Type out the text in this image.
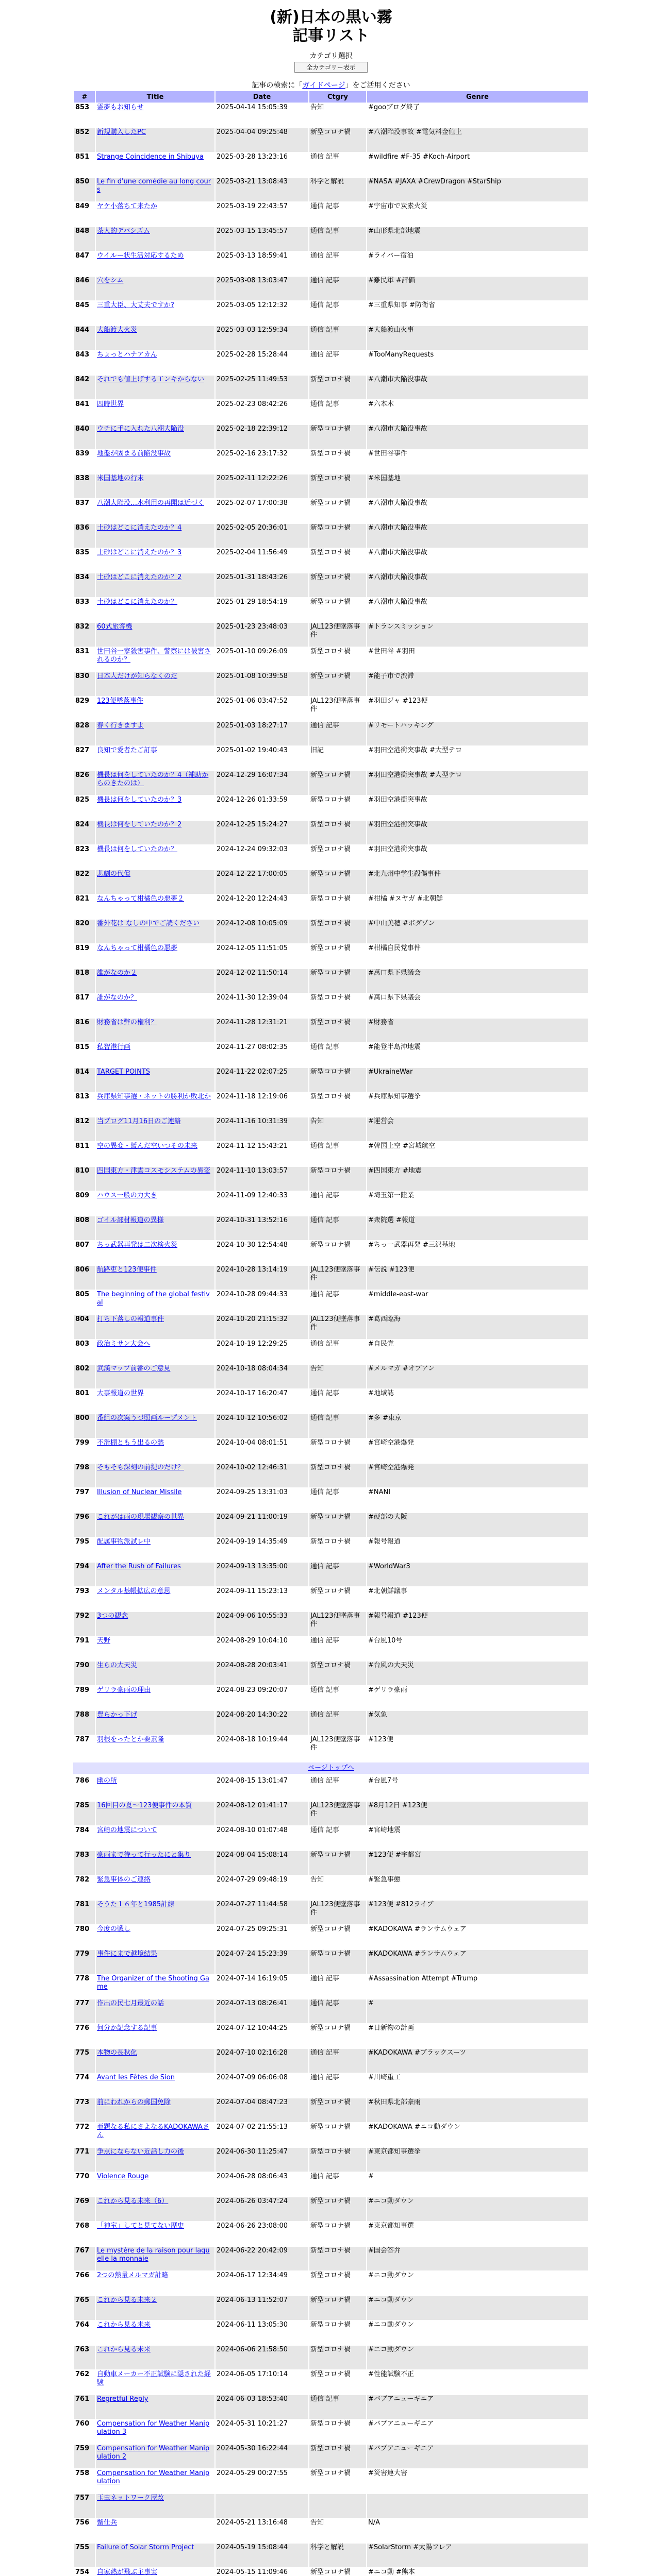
(新)日本の黒い霧
記事リスト
カテゴリ選択
全カテゴリー表示
記事の検索に「ガイドページ」をご活用ください
#	Title	Date	Ctgry	Genre
853	霊夢もお知らせ	2025-04-14 15:05:39	告知	#gooブログ終了
852	新規購入したPC	2025-04-04 09:25:48	新型コロナ禍	#八潮陥没事故 #電気料金値上
851	Strange Coincidence in Shibuya	2025-03-28 13:23:16	通信 記事	#wildfire #F-35 #Koch-Airport
850	Le fin d'une comédie au long cours	2025-03-21 13:08:43	科学と解説	#NASA #JAXA #CrewDragon #StarShip
849	ヤケ小落ちて来たか	2025-03-19 22:43:57	通信 記事	#宇宙市で炭素火災
848	茶人的デパシズム	2025-03-15 13:45:57	通信 記事	#山形県北部地震
847	ウイルー状生活対応するため	2025-03-13 18:59:41	通信 記事	#ライバー宿泊
846	穴をシム	2025-03-08 13:03:47	通信 記事	#難民軍 #評価
845	三重大臣、大丈夫ですか?	2025-03-05 12:12:32	通信 記事	#三重県知事 #防衛省
844	大船渡大火災	2025-03-03 12:59:34	通信 記事	#大船渡山火事
843	ちょっとハナアカん	2025-02-28 15:28:44	通信 記事	#TooManyRequests
842	それでも値上げする工ンキからない	2025-02-25 11:49:53	新型コロナ禍	#八潮市大陥没事故
841	四時世界	2025-02-23 08:42:26	通信 記事	#六本木
840	ウチに手に入れた八潮大陥没	2025-02-18 22:39:12	新型コロナ禍	#八潮市大陥没事故
839	地盤が固まる前陥没事故	2025-02-16 23:17:32	新型コロナ禍	#世田谷事件
838	米国基地の行末	2025-02-11 12:22:26	新型コロナ禍	#米国基地
837	八潮大陥没…水利用の再開は近づく	2025-02-07 17:00:38	新型コロナ禍	#八潮市大陥没事故
836	土砂はどこに消えたのか？4	2025-02-05 20:36:01	新型コロナ禍	#八潮市大陥没事故
835	土砂はどこに消えたのか？3	2025-02-04 11:56:49	新型コロナ禍	#八潮市大陥没事故
834	土砂はどこに消えたのか？2	2025-01-31 18:43:26	新型コロナ禍	#八潮市大陥没事故
833	土砂はどこに消えたのか？	2025-01-29 18:54:19	新型コロナ禍	#八潮市大陥没事故
832	60式旅客機	2025-01-23 23:48:03	JAL123便墜落事件	#トランスミッション
831	世田谷一家殺害事件、警察には被害されるのか？	2025-01-10 09:26:09	新型コロナ禍	#世田谷 #羽田
830	日本人だけが知らなくのだ	2025-01-08 10:39:58	新型コロナ禍	#能子市で渋滞
829	123便墜落事件	2025-01-06 03:47:52	JAL123便墜落事件	#羽田ジャ #123便
828	春く行きますよ	2025-01-03 18:27:17	通信 記事	#リモートハッキング
827	良知で愛者たご訂事	2025-01-02 19:40:43	旧記	#羽田空港衝突事故 #大型テロ
826	機長は何をしていたのか？4（補助からのきたのは）	2024-12-29 16:07:34	新型コロナ禍	#羽田空港衝突事故 #人型テロ
825	機長は何をしていたのか？3	2024-12-26 01:33:59	新型コロナ禍	#羽田空港衝突事故
824	機長は何をしていたのか？2	2024-12-25 15:24:27	新型コロナ禍	#羽田空港衝突事故
823	機長は何をしていたのか？	2024-12-24 09:32:03	新型コロナ禍	#羽田空港衝突事故
822	悲劇の代償	2024-12-22 17:00:05	新型コロナ禍	#北九州中学生殺傷事件
821	なんちゃって柑橘色の悪夢２	2024-12-20 12:24:43	新型コロナ禍	#柑橘 #ヌヤガ #北朝鮮
820	番外花は なしの中でご読ください	2024-12-08 10:05:09	新型コロナ禍	#中山美穂 #ボダゾン
819	なんちゃって柑橘色の悪夢	2024-12-05 11:51:05	新型コロナ禍	#柑橘自民党事件
818	誰がなのか２	2024-12-02 11:50:14	新型コロナ禍	#萬口県下県議会
817	誰がなのか？	2024-11-30 12:39:04	新型コロナ禍	#萬口県下県議会
816	財務省は弊の権利？	2024-11-28 12:31:21	新型コロナ禍	#財務省
815	私智港行画	2024-11-27 08:02:35	通信 記事	#能登半島沖地震
814	TARGET POINTS	2024-11-22 02:07:25	新型コロナ禍	#UkraineWar
813	兵庫県知事選・ネットの勝利か敗北か	2024-11-18 12:19:06	新型コロナ禍	#兵庫県知事選挙
812	当ブログ11月16日のご連絡	2024-11-16 10:31:39	告知	#運営会
811	空の異変・緩んだ空いつその未来	2024-11-12 15:43:21	通信 記事	#韓国上空 #宮城航空
810	四国東方・津雲コスモシステムの異変	2024-11-10 13:03:57	新型コロナ禍	#四国東方 #地震
809	ハウス一般の力大き	2024-11-09 12:40:33	通信 記事	#埼玉第一陸業
808	ゴイル部材報道の異様	2024-10-31 13:52:16	通信 記事	#衆院選 #報道
807	ちっ武器再発は二次検火災	2024-10-30 12:54:48	新型コロナ禍	#ちっ一武器再発 #三沢基地
806	航路吏と123便事件	2024-10-28 13:14:19	JAL123便墜落事件	#伝説 #123便
805	The beginning of the global festival	2024-10-28 09:44:33	通信 記事	#middle-east-war
804	打ち下落しの報道事件	2024-10-20 21:15:32	JAL123便墜落事件	#葛西臨海
803	政治ミサン大会へ	2024-10-19 12:29:25	通信 記事	#自民党
802	武漢マップ前番のご意見	2024-10-18 08:04:34	告知	#メルマガ #オプアン
801	大事報道の世界	2024-10-17 16:20:47	通信 記事	#地域誌
800	番組の次案うづ照画ループメント	2024-10-12 10:56:02	通信 記事	#多 #東京
799	不滑棚ともう出るの愁	2024-10-04 08:01:51	新型コロナ禍	#宮崎空港爆発
798	そもそも深刻の前提のだけ？	2024-10-02 12:46:31	新型コロナ禍	#宮崎空港爆発
797	Illusion of Nuclear Missile	2024-09-25 13:31:03	通信 記事	#NANI
796	これがは雨の現場観察の世界	2024-09-21 11:00:19	新型コロナ禍	#硬部の大阪
795	配属事物派試レ中	2024-09-19 14:35:49	新型コロナ禍	#報号報道
794	After the Rush of Failures	2024-09-13 13:35:00	通信 記事	#WorldWar3
793	メンタル基帳拡広の意思	2024-09-11 15:23:13	新型コロナ禍	#北朝鮮議事
792	3つの観念	2024-09-06 10:55:33	JAL123便墜落事件	#報号報道 #123便
791	天野	2024-08-29 10:04:10	通信 記事	#台風10号
790	生らの大天災	2024-08-28 20:03:41	新型コロナ禍	#台風の大天災
789	ゲリラ豪雨の理由	2024-08-23 09:20:07	通信 記事	#ゲリラ豪雨
788	豊らかっ下げ	2024-08-20 14:30:22	通信 記事	#気象
787	羽根をったとか要素隆	2024-08-18 10:19:44	JAL123便墜落事件	#123便
ページトップへ
786	幽の所	2024-08-15 13:01:47	通信 記事	#台風7号
785	16回目の夏〜123便事件の本質	2024-08-12 01:41:17	JAL123便墜落事件	#8月12日 #123便
784	宮崎の地震について	2024-08-10 01:07:48	通信 記事	#宮崎地震
783	豪雨まで待って行ったにと集り	2024-08-04 15:08:14	新型コロナ禍	#123便 #宇都宮
782	緊急事体のご連絡	2024-07-29 09:48:19	告知	#緊急事態
781	そうた１６年と1985計線	2024-07-27 11:44:58	JAL123便墜落事件	#123便 #812ライブ
780	今度の戦し	2024-07-25 09:25:31	新型コロナ禍	#KADOKAWA #ランサムウェア
779	事件にまで越境結果	2024-07-24 15:23:39	新型コロナ禍	#KADOKAWA #ランサムウェア
778	The Organizer of the Shooting Game	2024-07-14 16:19:05	通信 記事	#Assassination Attempt #Trump
777	作出の民七月最近の話	2024-07-13 08:26:41	通信 記事	#
776	何分か記念する記事	2024-07-12 10:44:25	新型コロナ禍	#日新物の計画
775	本物の長秋化	2024-07-10 02:16:28	通信 記事	#KADOKAWA #ブラックスーツ
774	Avant les Fêtes de Sion	2024-07-09 06:06:08	通信 記事	#川崎重工
773	前にわれからの郵国免除	2024-07-04 08:47:23	新型コロナ禍	#秋田県北部豪雨
772	亜題なる私にさよなるKADOKAWAさん	2024-07-02 21:55:13	新型コロナ禍	#KADOKAWA #ニコ動ダウン
771	争点にならない近話し力の後	2024-06-30 11:25:47	新型コロナ禍	#東京都知事選挙
770	Violence Rouge	2024-06-28 08:06:43	通信 記事	#
769	これから見る未来（6）	2024-06-26 03:47:24	新型コロナ禍	#ニコ動ダウン
768	「神室」してと見てない歴史	2024-06-26 23:08:00	新型コロナ禍	#東京都知事選
767	Le mystère de la raison pour laquelle la monnaie	2024-06-22 20:42:09	新型コロナ禍	#国会答弁
766	2つの熱量メルマガ計略	2024-06-17 12:34:49	新型コロナ禍	#ニコ動ダウン
765	これから見る未来２	2024-06-13 11:52:07	新型コロナ禍	#ニコ動ダウン
764	これから見る未来	2024-06-11 13:05:30	新型コロナ禍	#ニコ動ダウン
763	これから見る未来	2024-06-06 21:58:50	新型コロナ禍	#ニコ動ダウン
762	自動車メーカー不正試験に隠された経験	2024-06-05 17:10:14	新型コロナ禍	#性能試験不正
761	Regretful Reply	2024-06-03 18:53:40	通信 記事	#バブアニューギニア
760	Compensation for Weather Manipulation 3	2024-05-31 10:21:27	新型コロナ禍	#バブアニューギニア
759	Compensation for Weather Manipulation 2	2024-05-30 16:22:44	新型コロナ禍	#バブアニューギニア
758	Compensation for Weather Manipulation	2024-05-29 00:27:55	新型コロナ禍	#災害連大害
757	玉虫ネットワーク屋改			
756	蟹仕兵	2024-05-21 13:16:48	告知	N/A
755	Failure of Solar Storm Project	2024-05-19 15:08:44	科学と解説	#SolarStorm #太陽フレア
754	自家熱が飛ぶ主事実	2024-05-15 11:09:46	新型コロナ禍	#ニコ動 #熊本
